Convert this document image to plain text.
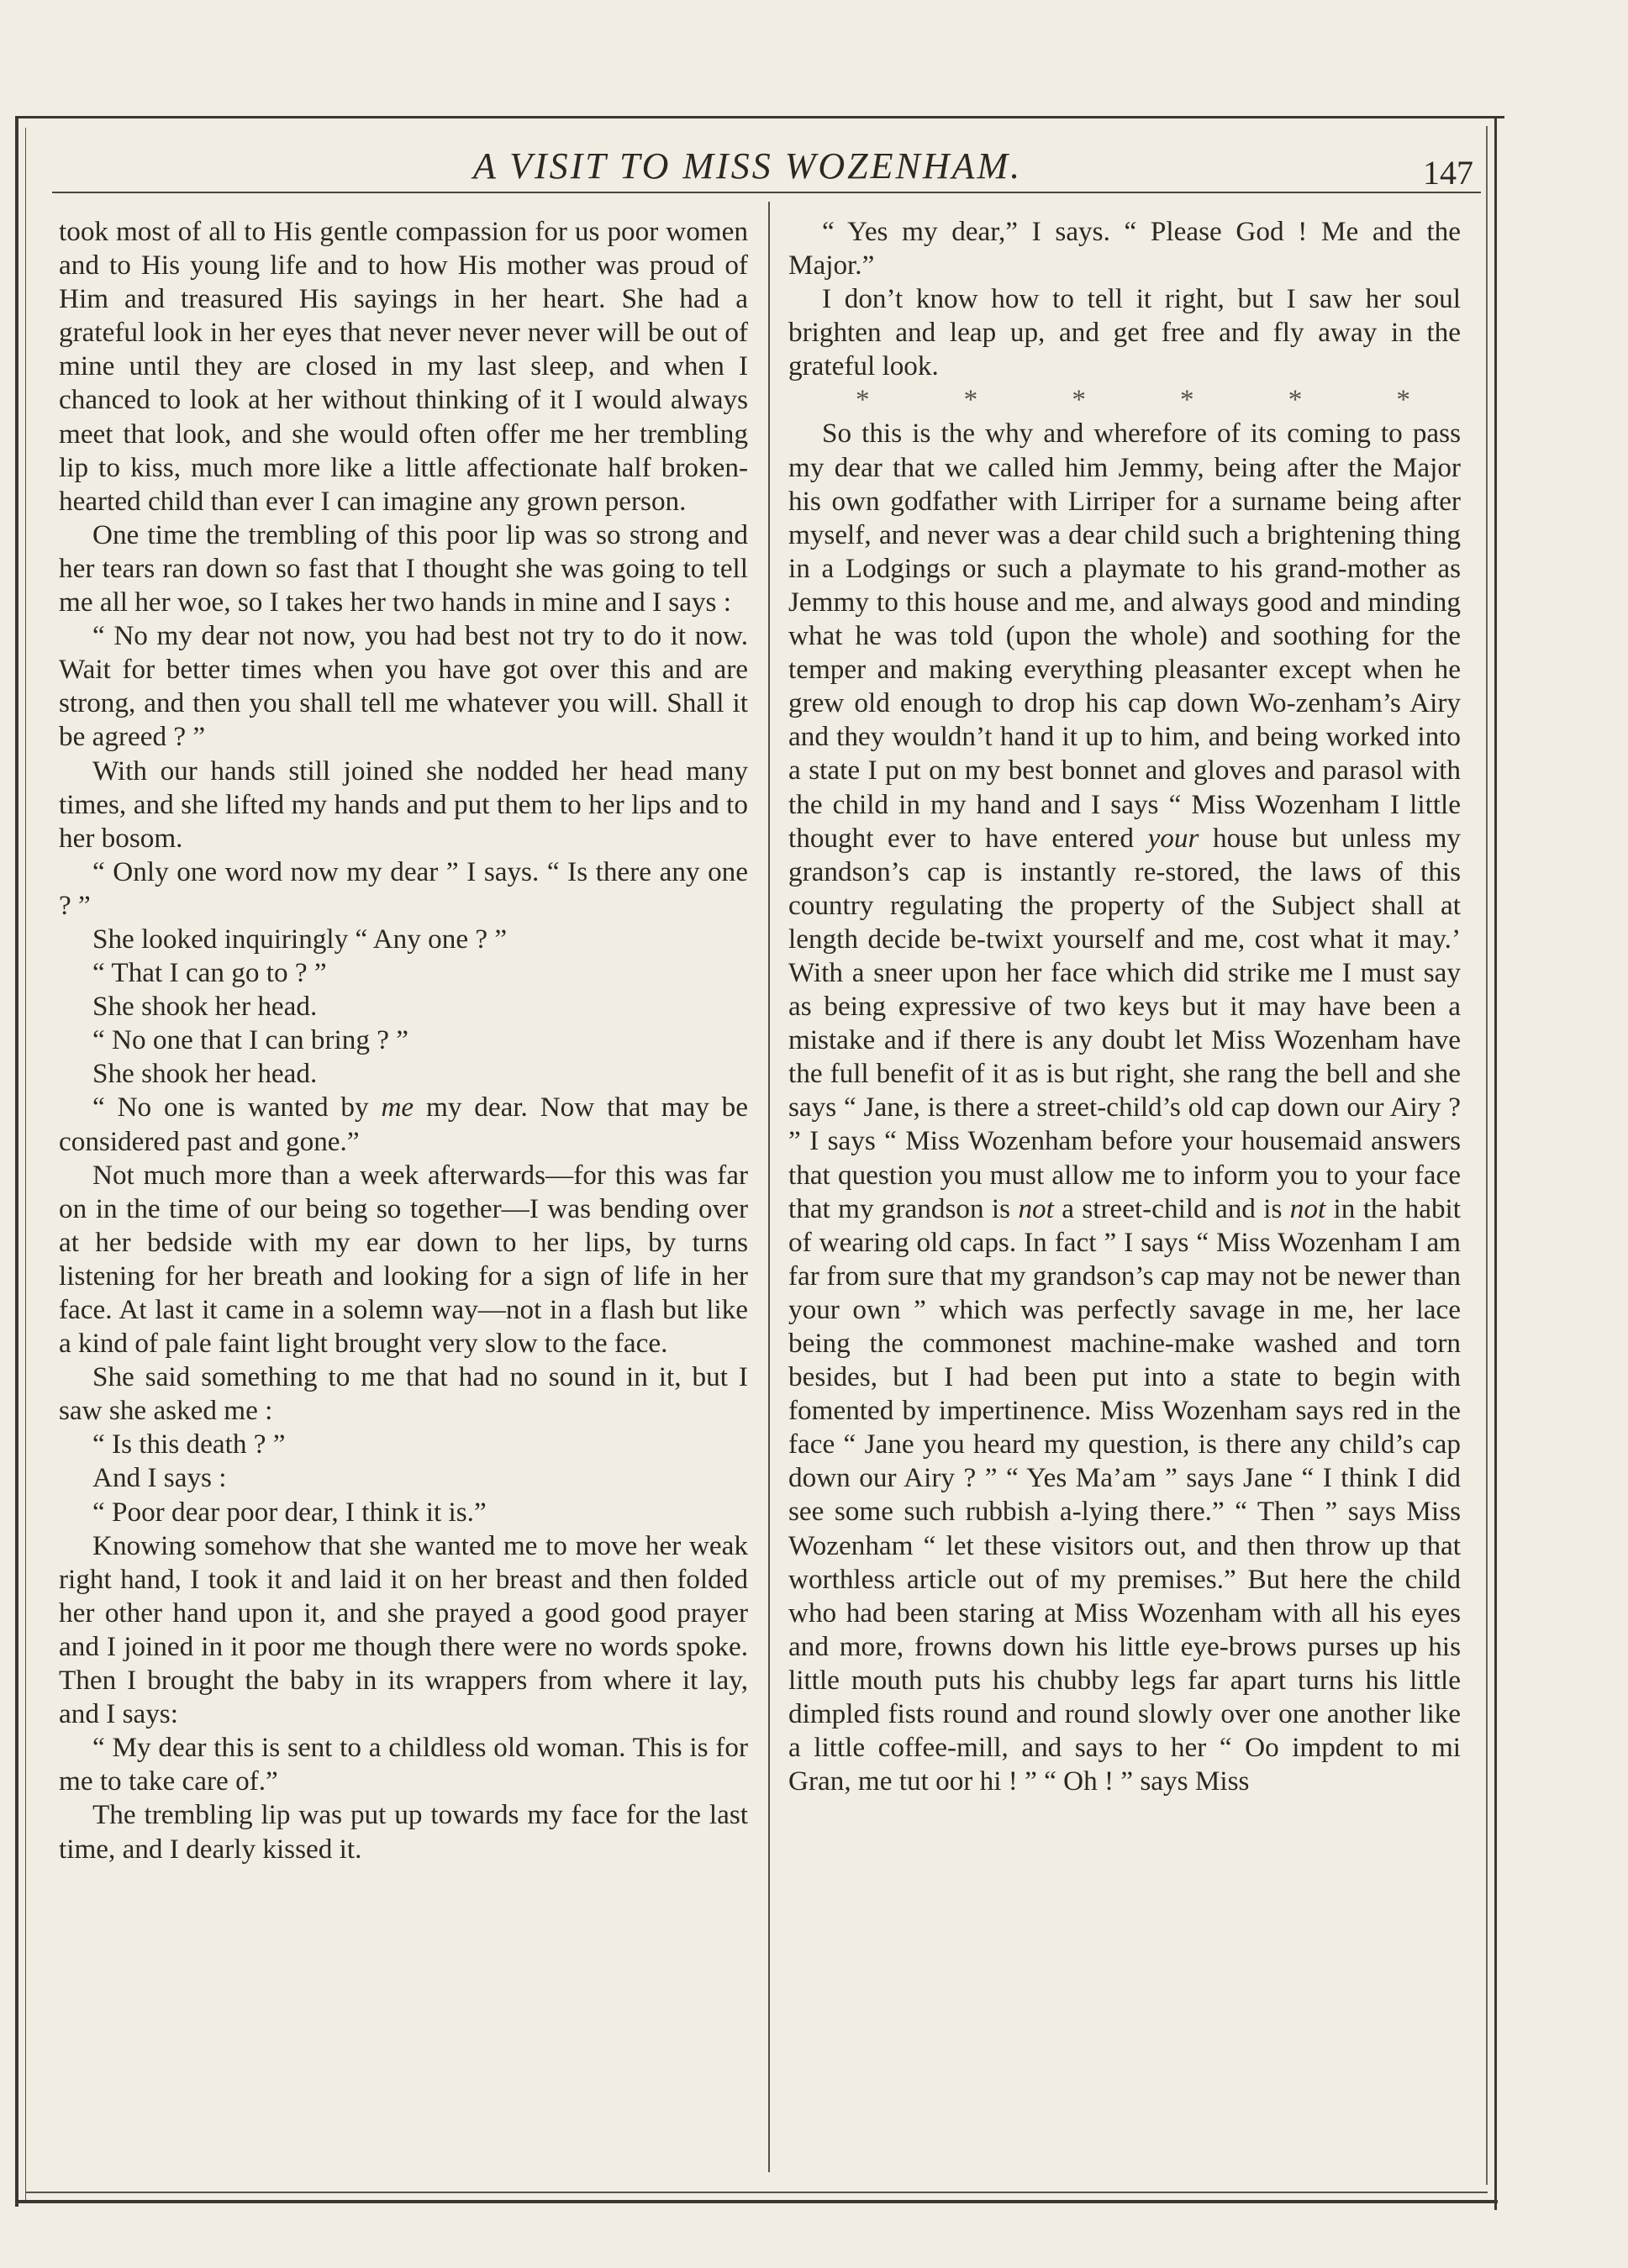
A VISIT TO MISS WOZENHAM.	147

took most of all to His gentle compassion for us poor women and to His young life and to how His mother was proud of Him and treasured His sayings in her heart. She had a grateful look in her eyes that never never never will be out of mine until they are closed in my last sleep, and when I chanced to look at her without thinking of it I would always meet that look, and she would often offer me her trembling lip to kiss, much more like a little affectionate half broken-hearted child than ever I can imagine any grown person.

One time the trembling of this poor lip was so strong and her tears ran down so fast that I thought she was going to tell me all her woe, so I takes her two hands in mine and I says :

“ No my dear not now, you had best not try to do it now. Wait for better times when you have got over this and are strong, and then you shall tell me whatever you will. Shall it be agreed ? ”

With our hands still joined she nodded her head many times, and she lifted my hands and put them to her lips and to her bosom.

“ Only one word now my dear ” I says. “ Is there any one ? ”

She looked inquiringly “ Any one ? ”

“ That I can go to ? ”

She shook her head.

“ No one that I can bring ? ”

She shook her head.

“ No one is wanted by me my dear. Now that may be considered past and gone.”

Not much more than a week afterwards—for this was far on in the time of our being so together—I was bending over at her bedside with my ear down to her lips, by turns listening for her breath and looking for a sign of life in her face. At last it came in a solemn way—not in a flash but like a kind of pale faint light brought very slow to the face.

She said something to me that had no sound in it, but I saw she asked me :

“ Is this death ? ”

And I says :

“ Poor dear poor dear, I think it is.”

Knowing somehow that she wanted me to move her weak right hand, I took it and laid it on her breast and then folded her other hand upon it, and she prayed a good good prayer and I joined in it poor me though there were no words spoke. Then I brought the baby in its wrappers from where it lay, and I says:

“ My dear this is sent to a childless old woman. This is for me to take care of.”

The trembling lip was put up towards my face for the last time, and I dearly kissed it.

“ Yes my dear,” I says. “ Please God ! Me and the Major.”

I don’t know how to tell it right, but I saw her soul brighten and leap up, and get free and fly away in the grateful look.

*	*	*	*	*	*

So this is the why and wherefore of its coming to pass my dear that we called him Jemmy, being after the Major his own godfather with Lirriper for a surname being after myself, and never was a dear child such a brightening thing in a Lodgings or such a playmate to his grand-mother as Jemmy to this house and me, and always good and minding what he was told (upon the whole) and soothing for the temper and making everything pleasanter except when he grew old enough to drop his cap down Wo-zenham’s Airy and they wouldn’t hand it up to him, and being worked into a state I put on my best bonnet and gloves and parasol with the child in my hand and I says “ Miss Wozenham I little thought ever to have entered your house but unless my grandson’s cap is instantly re-stored, the laws of this country regulating the property of the Subject shall at length decide be-twixt yourself and me, cost what it may.’ With a sneer upon her face which did strike me I must say as being expressive of two keys but it may have been a mistake and if there is any doubt let Miss Wozenham have the full benefit of it as is but right, she rang the bell and she says “ Jane, is there a street-child’s old cap down our Airy ? ” I says “ Miss Wozenham before your housemaid answers that question you must allow me to inform you to your face that my grandson is not a street-child and is not in the habit of wearing old caps. In fact ” I says “ Miss Wozenham I am far from sure that my grandson’s cap may not be newer than your own ” which was perfectly savage in me, her lace being the commonest machine-make washed and torn besides, but I had been put into a state to begin with fomented by impertinence. Miss Wozenham says red in the face “ Jane you heard my question, is there any child’s cap down our Airy ? ” “ Yes Ma’am ” says Jane “ I think I did see some such rubbish a-lying there.” “ Then ” says Miss Wozenham “ let these visitors out, and then throw up that worthless article out of my premises.” But here the child who had been staring at Miss Wozenham with all his eyes and more, frowns down his little eye-brows purses up his little mouth puts his chubby legs far apart turns his little dimpled fists round and round slowly over one another like a little coffee-mill, and says to her “ Oo impdent to mi Gran, me tut oor hi ! ” “ Oh ! ” says Miss
